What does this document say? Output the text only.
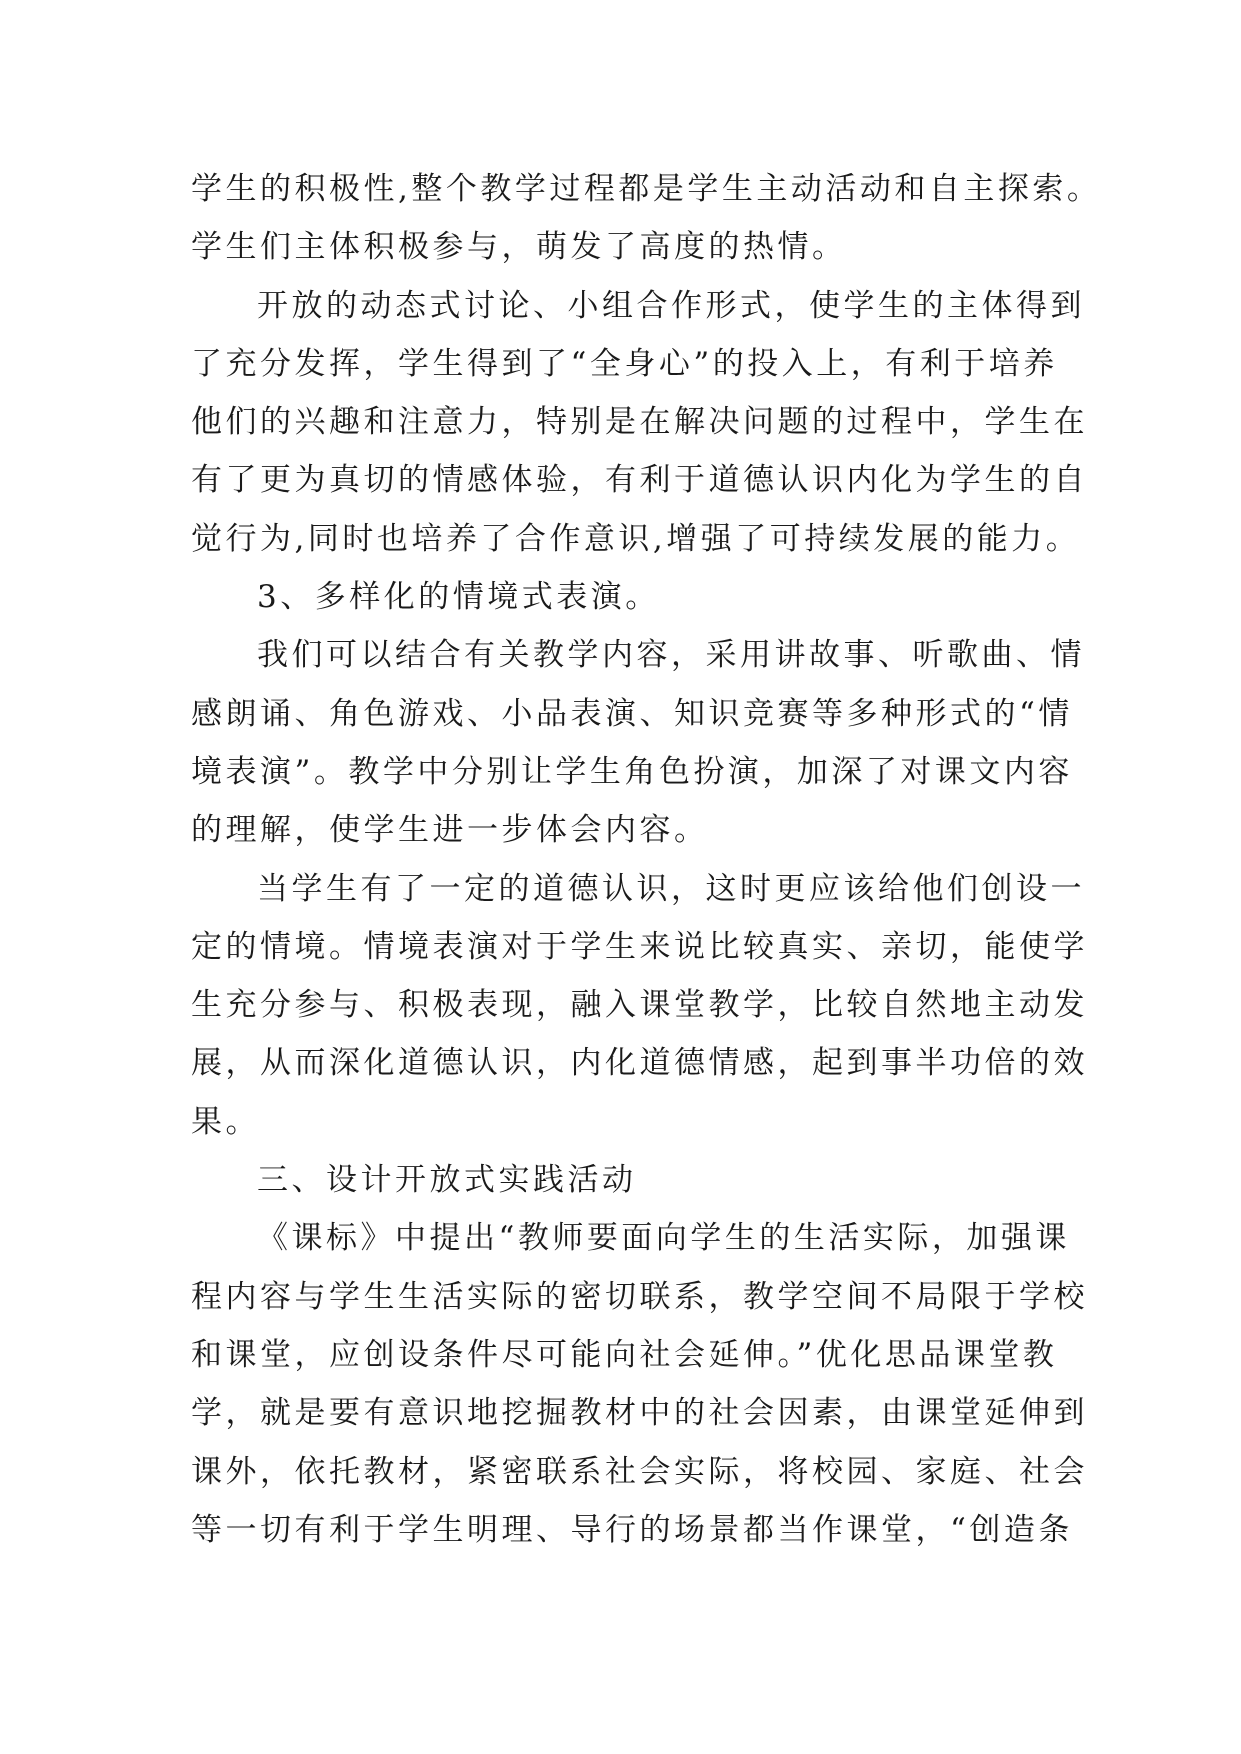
学生的积极性,整个教学过程都是学生主动活动和自主探索。
学生们主体积极参与，萌发了高度的热情。
开放的动态式讨论、小组合作形式，使学生的主体得到
了充分发挥，学生得到了“全身心”的投入上，有利于培养
他们的兴趣和注意力，特别是在解决问题的过程中，学生在
有了更为真切的情感体验，有利于道德认识内化为学生的自
觉行为,同时也培养了合作意识,增强了可持续发展的能力。
3、多样化的情境式表演。
我们可以结合有关教学内容，采用讲故事、听歌曲、情
感朗诵、角色游戏、小品表演、知识竞赛等多种形式的“情
境表演”。教学中分别让学生角色扮演，加深了对课文内容
的理解，使学生进一步体会内容。
当学生有了一定的道德认识，这时更应该给他们创设一
定的情境。情境表演对于学生来说比较真实、亲切，能使学
生充分参与、积极表现，融入课堂教学，比较自然地主动发
展，从而深化道德认识，内化道德情感，起到事半功倍的效
果。
三、设计开放式实践活动
《课标》中提出“教师要面向学生的生活实际，加强课
程内容与学生生活实际的密切联系，教学空间不局限于学校
和课堂，应创设条件尽可能向社会延伸。”优化思品课堂教
学，就是要有意识地挖掘教材中的社会因素，由课堂延伸到
课外，依托教材，紧密联系社会实际，将校园、家庭、社会
等一切有利于学生明理、导行的场景都当作课堂，“创造条
